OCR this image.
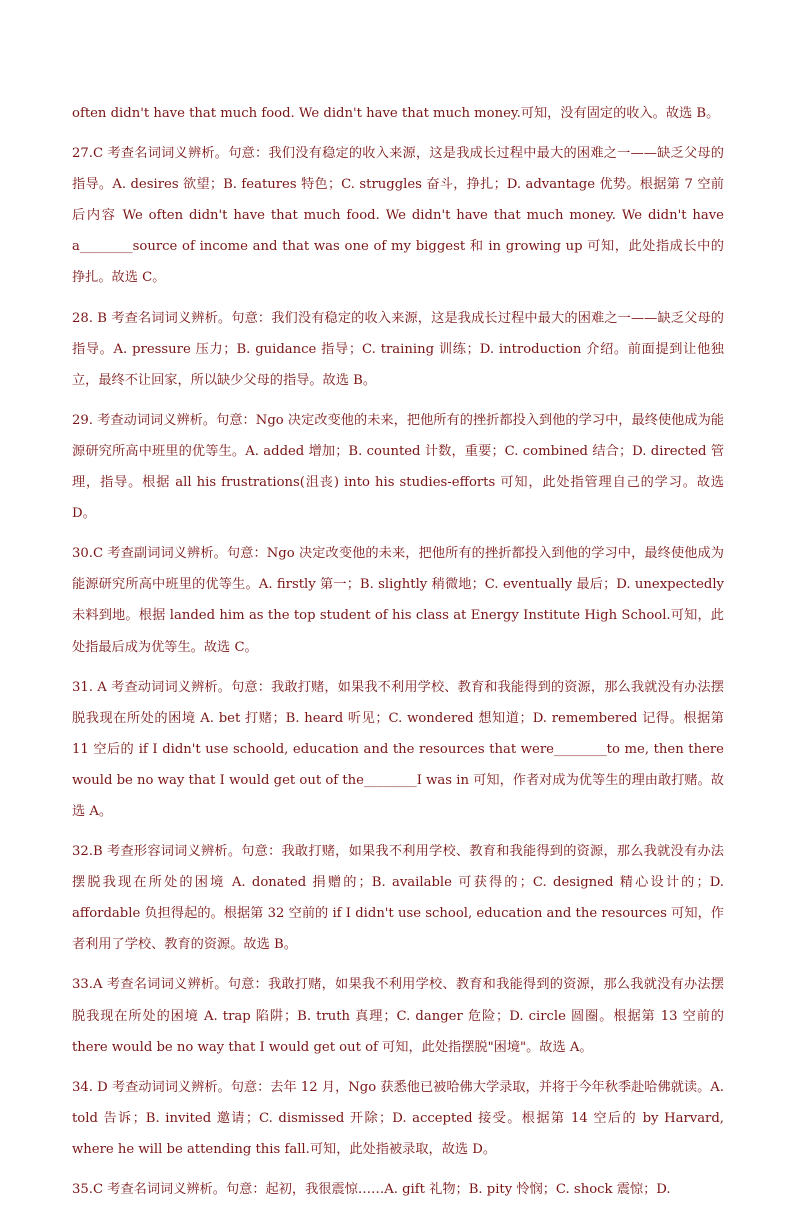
often didn't have that much food. We didn't have that much money.可知，没有固定的收入。故选 B。

27.C 考查名词词义辨析。句意：我们没有稳定的收入来源，这是我成长过程中最大的困难之一——缺乏父母的指导。A. desires 欲望；B. features 特色；C. struggles 奋斗，挣扎；D. advantage 优势。根据第 7 空前后内容 We often didn't have that much food. We didn't have that much money. We didn't have a________source of income and that was one of my biggest 和 in growing up 可知，此处指成长中的挣扎。故选 C。

28. B 考查名词词义辨析。句意：我们没有稳定的收入来源，这是我成长过程中最大的困难之一——缺乏父母的指导。A. pressure 压力；B. guidance 指导；C. training 训练；D. introduction 介绍。前面提到让他独立，最终不让回家，所以缺少父母的指导。故选 B。

29. 考查动词词义辨析。句意：Ngo 决定改变他的未来，把他所有的挫折都投入到他的学习中，最终使他成为能源研究所高中班里的优等生。A. added 增加；B. counted 计数，重要；C. combined 结合；D. directed 管理，指导。根据 all his frustrations(沮丧) into his studies-efforts 可知，此处指管理自己的学习。故选 D。

30.C 考查副词词义辨析。句意：Ngo 决定改变他的未来，把他所有的挫折都投入到他的学习中，最终使他成为能源研究所高中班里的优等生。A. firstly 第一；B. slightly 稍微地；C. eventually 最后；D. unexpectedly 未料到地。根据 landed him as the top student of his class at Energy Institute High School.可知，此处指最后成为优等生。故选 C。

31. A 考查动词词义辨析。句意：我敢打赌，如果我不利用学校、教育和我能得到的资源，那么我就没有办法摆脱我现在所处的困境 A. bet 打赌；B. heard 听见；C. wondered 想知道；D. remembered 记得。根据第 11 空后的 if I didn't use schoold, education and the resources that were________to me, then there would be no way that I would get out of the________I was in 可知，作者对成为优等生的理由敢打赌。故选 A。

32.B 考查形容词词义辨析。句意：我敢打赌，如果我不利用学校、教育和我能得到的资源，那么我就没有办法摆脱我现在所处的困境 A. donated 捐赠的；B. available 可获得的；C. designed 精心设计的；D. affordable 负担得起的。根据第 32 空前的 if I didn't use school, education and the resources 可知，作者利用了学校、教育的资源。故选 B。

33.A 考查名词词义辨析。句意：我敢打赌，如果我不利用学校、教育和我能得到的资源，那么我就没有办法摆脱我现在所处的困境 A. trap 陷阱；B. truth 真理；C. danger 危险；D. circle 圆圈。根据第 13 空前的 there would be no way that I would get out of 可知，此处指摆脱"困境"。故选 A。

34. D 考查动词词义辨析。句意：去年 12 月，Ngo 获悉他已被哈佛大学录取，并将于今年秋季赴哈佛就读。A. told 告诉；B. invited 邀请；C. dismissed 开除；D. accepted 接受。根据第 14 空后的 by Harvard, where he will be attending this fall.可知，此处指被录取，故选 D。

35.C 考查名词词义辨析。句意：起初，我很震惊……A. gift 礼物；B. pity 怜悯；C. shock 震惊；D.
